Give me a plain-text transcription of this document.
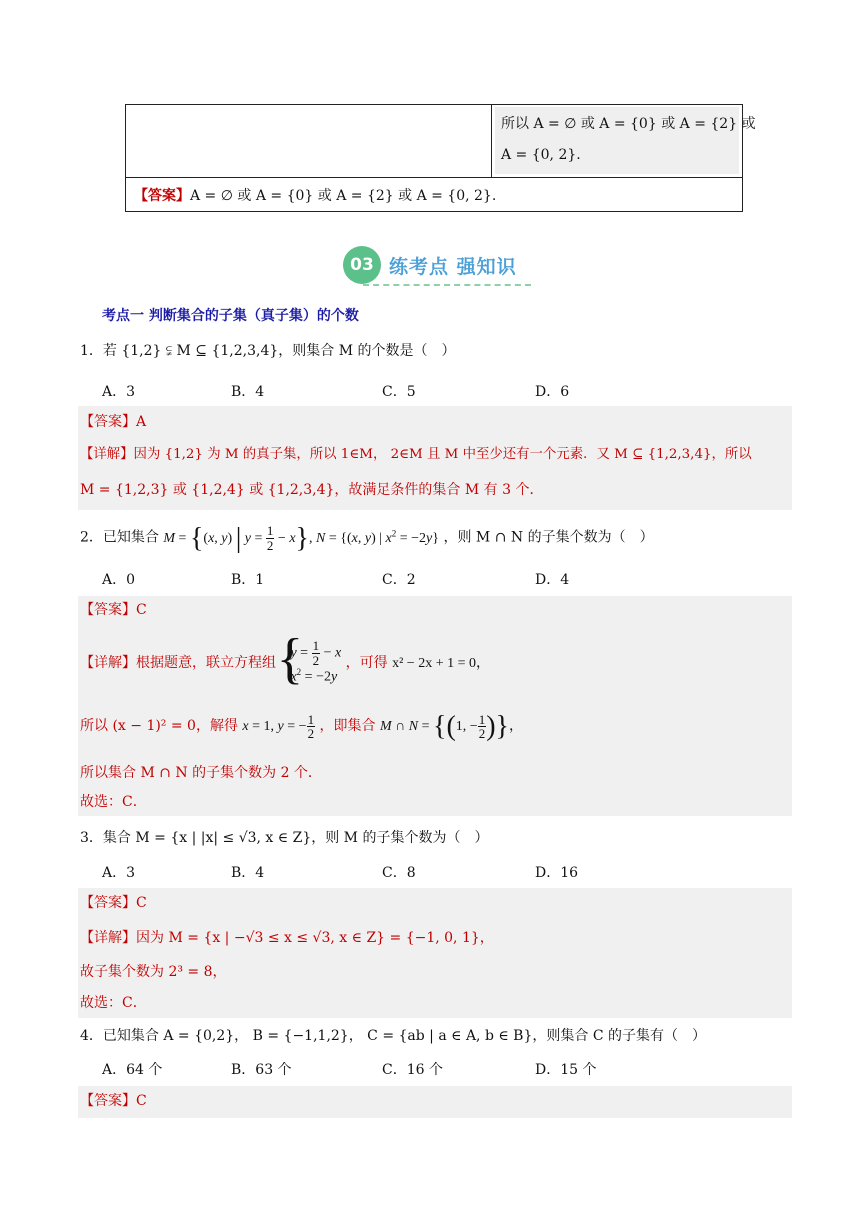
所以 A = ∅ 或 A = {0} 或 A = {2} 或
A = {0, 2}.
【答案】A = ∅ 或 A = {0} 或 A = {2} 或 A = {0, 2}.
03 练考点 强知识
考点一 判断集合的子集（真子集）的个数
1．若 {1,2} ⫋ M ⊆ {1,2,3,4}，则集合 M 的个数是（　）
A．3	B．4	C．5	D．6
【答案】A
【详解】因为 {1,2} 为 M 的真子集，所以 1∈M， 2∈M 且 M 中至少还有一个元素．又 M ⊆ {1,2,3,4}，所以
M = {1,2,3} 或 {1,2,4} 或 {1,2,3,4}，故满足条件的集合 M 有 3 个．
2．已知集合 M = {(x, y) | $y = \frac{1}{2} - x$}, N = {(x, y) | $x^2 = -2y$} ，则 M ∩ N 的子集个数为（　）
A．0	B．1	C．2	D．4
【答案】C
【详解】根据题意，联立方程组
{ $y = \frac{1}{2} - x$
$x^2 = -2y$
，可得 x² − 2x + 1 = 0，
所以 (x − 1)² = 0，解得 x = 1, y = − $\frac{1}{2}$ ，即集合 M ∩ N = {(1, − $\frac{1}{2}$ )}，
所以集合 M ∩ N 的子集个数为 2 个．
故选：C．
3．集合 M = {x | |x| ≤ √3, x ∈ Z}，则 M 的子集个数为（　）
A．3	B．4	C．8	D．16
【答案】C
【详解】因为 M = {x | −√3 ≤ x ≤ √3, x ∈ Z} = {−1, 0, 1}，
故子集个数为 2³ = 8，
故选：C．
4．已知集合 A = {0,2}， B = {−1,1,2}， C = {ab | a ∈ A, b ∈ B}，则集合 C 的子集有（　）
A．64 个	B．63 个	C．16 个	D．15 个
【答案】C
